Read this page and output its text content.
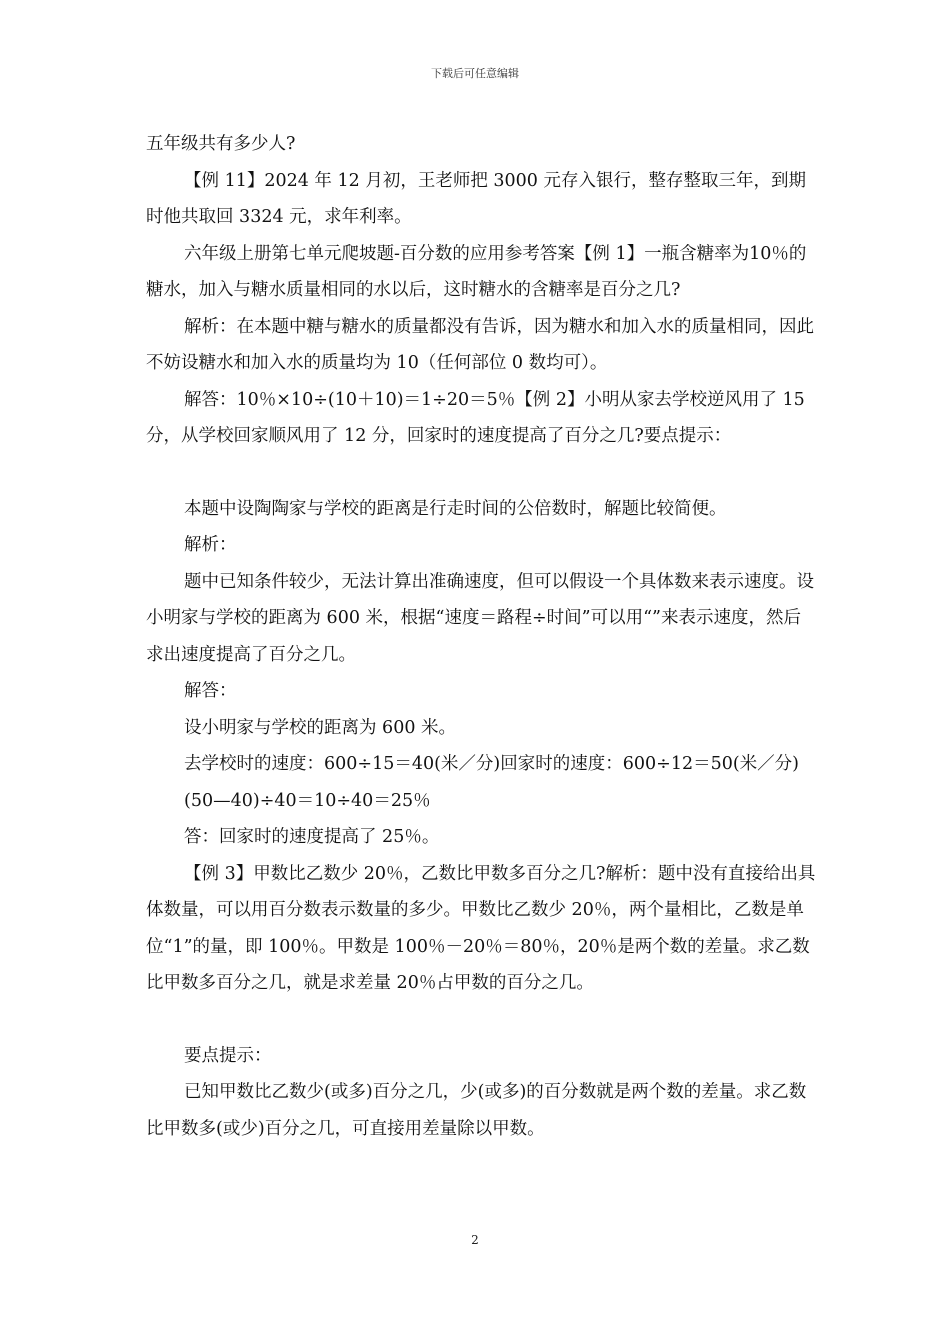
下载后可任意编辑

五年级共有多少人?

【例 11】2024 年 12 月初，王老师把 3000 元存入银行，整存整取三年，到期时他共取回 3324 元，求年利率。

六年级上册第七单元爬坡题-百分数的应用参考答案【例 1】一瓶含糖率为10％的糖水，加入与糖水质量相同的水以后，这时糖水的含糖率是百分之几?

解析：在本题中糖与糖水的质量都没有告诉，因为糖水和加入水的质量相同，因此不妨设糖水和加入水的质量均为 10（任何部位 0 数均可）。

解答：10％×10÷(10＋10)＝1÷20＝5％【例 2】小明从家去学校逆风用了 15 分，从学校回家顺风用了 12 分，回家时的速度提高了百分之几?要点提示：

本题中设陶陶家与学校的距离是行走时间的公倍数时，解题比较简便。

解析：

题中已知条件较少，无法计算出准确速度，但可以假设一个具体数来表示速度。设小明家与学校的距离为 600 米，根据“速度＝路程÷时间”可以用“”来表示速度，然后求出速度提高了百分之几。

解答：

设小明家与学校的距离为 600 米。

去学校时的速度：600÷15＝40(米／分)回家时的速度：600÷12＝50(米／分)

(50—40)÷40＝10÷40＝25％

答：回家时的速度提高了 25％。

【例 3】甲数比乙数少 20％，乙数比甲数多百分之几?解析：题中没有直接给出具体数量，可以用百分数表示数量的多少。甲数比乙数少 20％，两个量相比，乙数是单位“1”的量，即 100％。甲数是 100％－20％＝80％，20％是两个数的差量。求乙数比甲数多百分之几，就是求差量 20％占甲数的百分之几。

要点提示：

已知甲数比乙数少(或多)百分之几，少(或多)的百分数就是两个数的差量。求乙数比甲数多(或少)百分之几，可直接用差量除以甲数。

2
